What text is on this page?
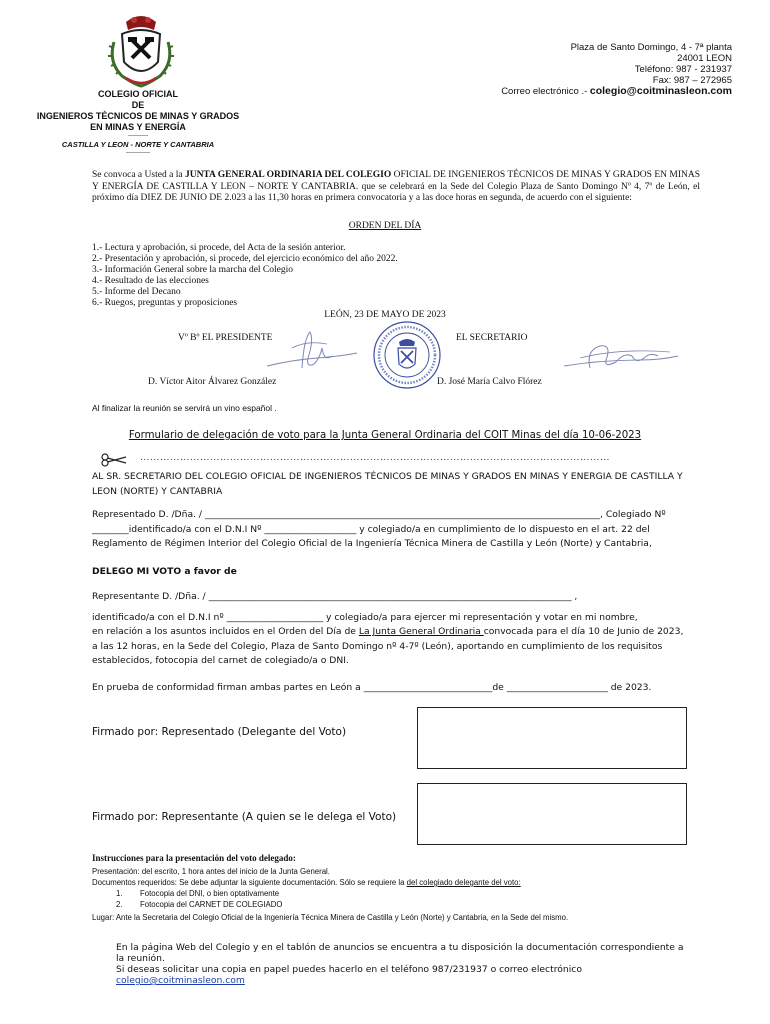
COLEGIO OFICIAL
DE
INGENIEROS TÉCNICOS DE MINAS Y GRADOS
EN MINAS Y ENERGÍA
----------
CASTILLA Y LEON - NORTE Y CANTABRIA
------------
Plaza de Santo Domingo, 4 - 7ª planta
24001 LEON
Teléfono: 987 - 231937
Fax: 987 – 272965
Correo electrónico .- colegio@coitminasleon.com
Se convoca a Usted a la JUNTA GENERAL ORDINARIA DEL COLEGIO OFICIAL DE INGENIEROS TÉCNICOS DE MINAS Y GRADOS EN MINAS Y ENERGÍA DE CASTILLA Y LEON – NORTE Y CANTABRIA. que se celebrará en la Sede del Colegio Plaza de Santo Domingo Nº 4, 7º de León, el próximo día DIEZ DE JUNIO DE 2.023 a las 11,30 horas en primera convocatoria y a las doce horas en segunda, de acuerdo con el siguiente:
ORDEN DEL DÍA
1.- Lectura y aprobación, si procede, del Acta de la sesión anterior.
2.- Presentación y aprobación, si procede, del ejercicio económico del año 2022.
3.- Información General sobre la marcha del Colegio
4.- Resultado de las elecciones
5.- Informe del Decano
6.- Ruegos, preguntas y proposiciones
LEÓN, 23 DE MAYO DE 2023
Vº Bº EL PRESIDENTE	EL SECRETARIO
D. Víctor Aitor Álvarez González	D. José María Calvo Flórez
Al finalizar la reunión se servirá un vino español .
Formulario de delegación de voto para la Junta General Ordinaria del COIT Minas del día 10-06-2023
……………………………………………………………………………………………………………………………
AL SR. SECRETARIO DEL COLEGIO OFICIAL DE INGENIEROS TÉCNICOS DE MINAS Y GRADOS EN MINAS Y ENERGIA DE CASTILLA Y LEON (NORTE) Y CANTABRIA
Representado D. /Dña. / ______________________________________________________________________________________, Colegiado Nº
________identificado/a con el D.N.I Nº ____________________ y colegiado/a en cumplimiento de lo dispuesto en el art. 22 del
Reglamento de Régimen Interior del Colegio Oficial de la Ingeniería Técnica Minera de Castilla y León (Norte) y Cantabria,
DELEGO MI VOTO a favor de
Representante D. /Dña. / _______________________________________________________________________________ ,
identificado/a con el D.N.I nº _____________________ y colegiado/a para ejercer mi representación y votar en mi nombre,
en relación a los asuntos incluidos en el Orden del Día de La Junta General Ordinaria convocada para el día 10 de Junio de 2023,
a las 12 horas, en la Sede del Colegio, Plaza de Santo Domingo nº 4-7º (León), aportando en cumplimiento de los requisitos
establecidos, fotocopia del carnet de colegiado/a o DNI.
En prueba de conformidad firman ambas partes en León a ____________________________de ______________________ de 2023.
Firmado por: Representado (Delegante del Voto)
Firmado por: Representante (A quien se le delega el Voto)
Instrucciones para la presentación del voto delegado:
Presentación: del escrito, 1 hora antes del inicio de la Junta General.
Documentos requeridos: Se debe adjuntar la siguiente documentación. Sólo se requiere la del colegiado delegante del voto:
1. Fotocopia del DNI, o bien optativamente
2. Fotocopia del CARNET DE COLEGIADO
Lugar: Ante la Secretaria del Colegio Oficial de la Ingeniería Técnica Minera de Castilla y León (Norte) y Cantabria, en la Sede del mismo.
En la página Web del Colegio y en el tablón de anuncios se encuentra a tu disposición la documentación correspondiente a
la reunión.
Si deseas solicitar una copia en papel puedes hacerlo en el teléfono 987/231937 o correo electrónico
colegio@coitminasleon.com
